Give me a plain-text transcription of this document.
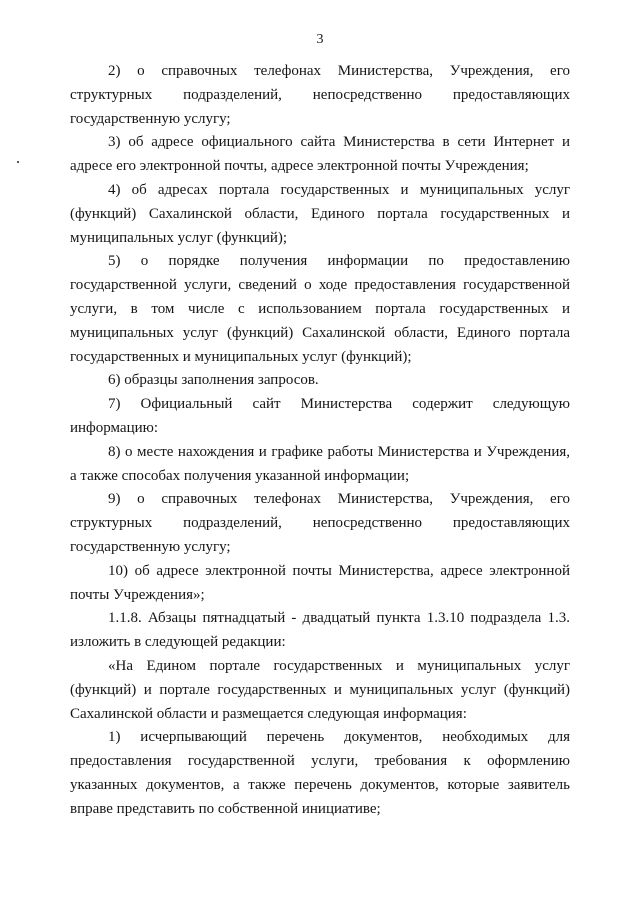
3

2) о справочных телефонах Министерства, Учреждения, его структурных подразделений, непосредственно предоставляющих государственную услугу;

3) об адресе официального сайта Министерства в сети Интернет и адресе его электронной почты, адресе электронной почты Учреждения;

4) об адресах портала государственных и муниципальных услуг (функций) Сахалинской области, Единого портала государственных и муниципальных услуг (функций);

5) о порядке получения информации по предоставлению государственной услуги, сведений о ходе предоставления государственной услуги, в том числе с использованием портала государственных и муниципальных услуг (функций) Сахалинской области, Единого портала государственных и муниципальных услуг (функций);

6) образцы заполнения запросов.

7) Официальный сайт Министерства содержит следующую информацию:

8) о месте нахождения и графике работы Министерства и Учреждения, а также способах получения указанной информации;

9) о справочных телефонах Министерства, Учреждения, его структурных подразделений, непосредственно предоставляющих государственную услугу;

10) об адресе электронной почты Министерства, адресе электронной почты Учреждения»;

1.1.8. Абзацы пятнадцатый - двадцатый пункта 1.3.10 подраздела 1.3. изложить в следующей редакции:

«На Едином портале государственных и муниципальных услуг (функций) и портале государственных и муниципальных услуг (функций) Сахалинской области и размещается следующая информация:

1) исчерпывающий перечень документов, необходимых для предоставления государственной услуги, требования к оформлению указанных документов, а также перечень документов, которые заявитель вправе представить по собственной инициативе;
